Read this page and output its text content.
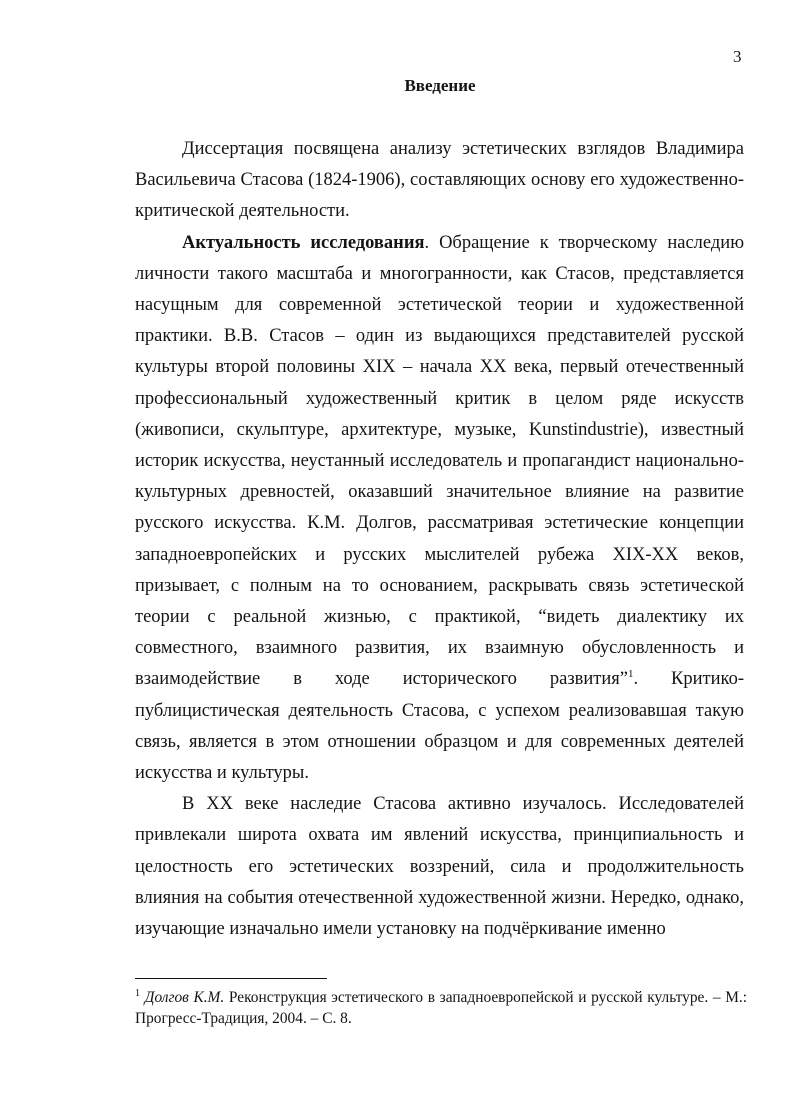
3
Введение

Диссертация посвящена анализу эстетических взглядов Владимира Васильевича Стасова (1824-1906), составляющих основу его художественно-критической деятельности.

Актуальность исследования. Обращение к творческому наследию личности такого масштаба и многогранности, как Стасов, представляется насущным для современной эстетической теории и художественной практики. В.В. Стасов – один из выдающихся представителей русской культуры второй половины XIX – начала XX века, первый отечественный профессиональный художественный критик в целом ряде искусств (живописи, скульптуре, архитектуре, музыке, Kunstindustrie), известный историк искусства, неустанный исследователь и пропагандист национально-культурных древностей, оказавший значительное влияние на развитие русского искусства. К.М. Долгов, рассматривая эстетические концепции западноевропейских и русских мыслителей рубежа XIX-XX веков, призывает, с полным на то основанием, раскрывать связь эстетической теории с реальной жизнью, с практикой, “видеть диалектику их совместного, взаимного развития, их взаимную обусловленность и взаимодействие в ходе исторического развития”$^1$. Критико-публицистическая деятельность Стасова, с успехом реализовавшая такую связь, является в этом отношении образцом и для современных деятелей искусства и культуры.

В XX веке наследие Стасова активно изучалось. Исследователей привлекали широта охвата им явлений искусства, принципиальность и целостность его эстетических воззрений, сила и продолжительность влияния на события отечественной художественной жизни. Нередко, однако, изучающие изначально имели установку на подчёркивание именно

$^1$ Долгов К.М. Реконструкция эстетического в западноевропейской и русской культуре. – М.: Прогресс-Традиция, 2004. – С. 8.
